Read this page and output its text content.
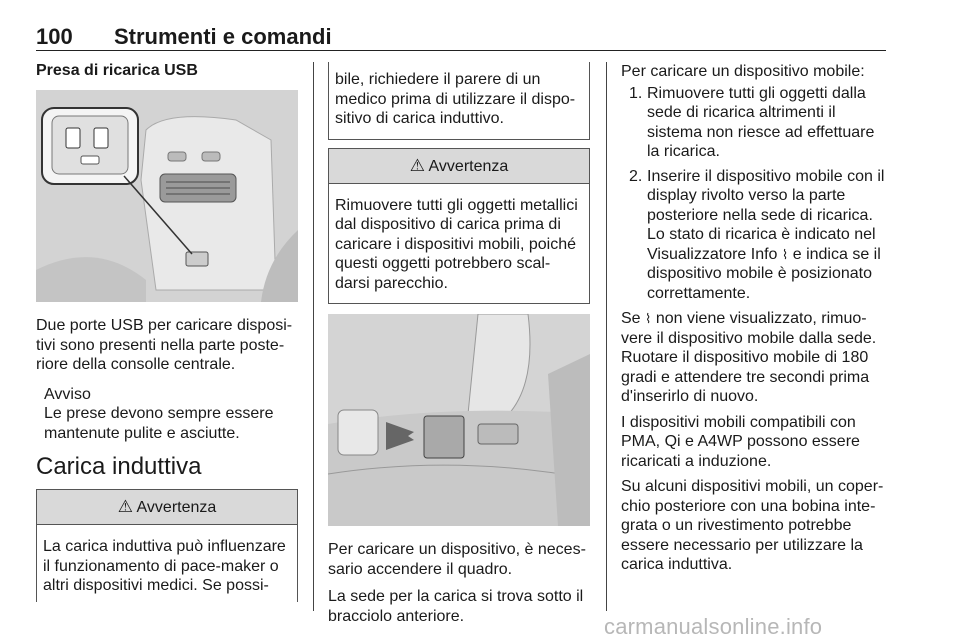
100 Strumenti e comandi

Presa di ricarica USB

Due porte USB per caricare disposi-tivi sono presenti nella parte poste-riore della consolle centrale.

Avviso

Le prese devono sempre essere mantenute pulite e asciutte.

Carica induttiva

⚠ Avvertenza

La carica induttiva può influenzare il funzionamento di pace-maker o altri dispositivi medici. Se possi-

bile, richiedere il parere di un medico prima di utilizzare il dispo-sitivo di carica induttivo.

⚠ Avvertenza

Rimuovere tutti gli oggetti metallici dal dispositivo di carica prima di caricare i dispositivi mobili, poiché questi oggetti potrebbero scal-darsi parecchio.

Per caricare un dispositivo, è neces-sario accendere il quadro.

La sede per la carica si trova sotto il bracciolo anteriore.

Per caricare un dispositivo mobile:

1. Rimuovere tutti gli oggetti dalla sede di ricarica altrimenti il sistema non riesce ad effettuare la ricarica.
2. Inserire il dispositivo mobile con il display rivolto verso la parte posteriore nella sede di ricarica. Lo stato di ricarica è indicato nel Visualizzatore Info ⌇ e indica se il dispositivo mobile è posizionato correttamente.

Se ⌇ non viene visualizzato, rimuo-vere il dispositivo mobile dalla sede. Ruotare il dispositivo mobile di 180 gradi e attendere tre secondi prima d'inserirlo di nuovo.

I dispositivi mobili compatibili con PMA, Qi e A4WP possono essere ricaricati a induzione.

Su alcuni dispositivi mobili, un coper-chio posteriore con una bobina inte-grata o un rivestimento potrebbe essere necessario per utilizzare la carica induttiva.

carmanualsonline.info
